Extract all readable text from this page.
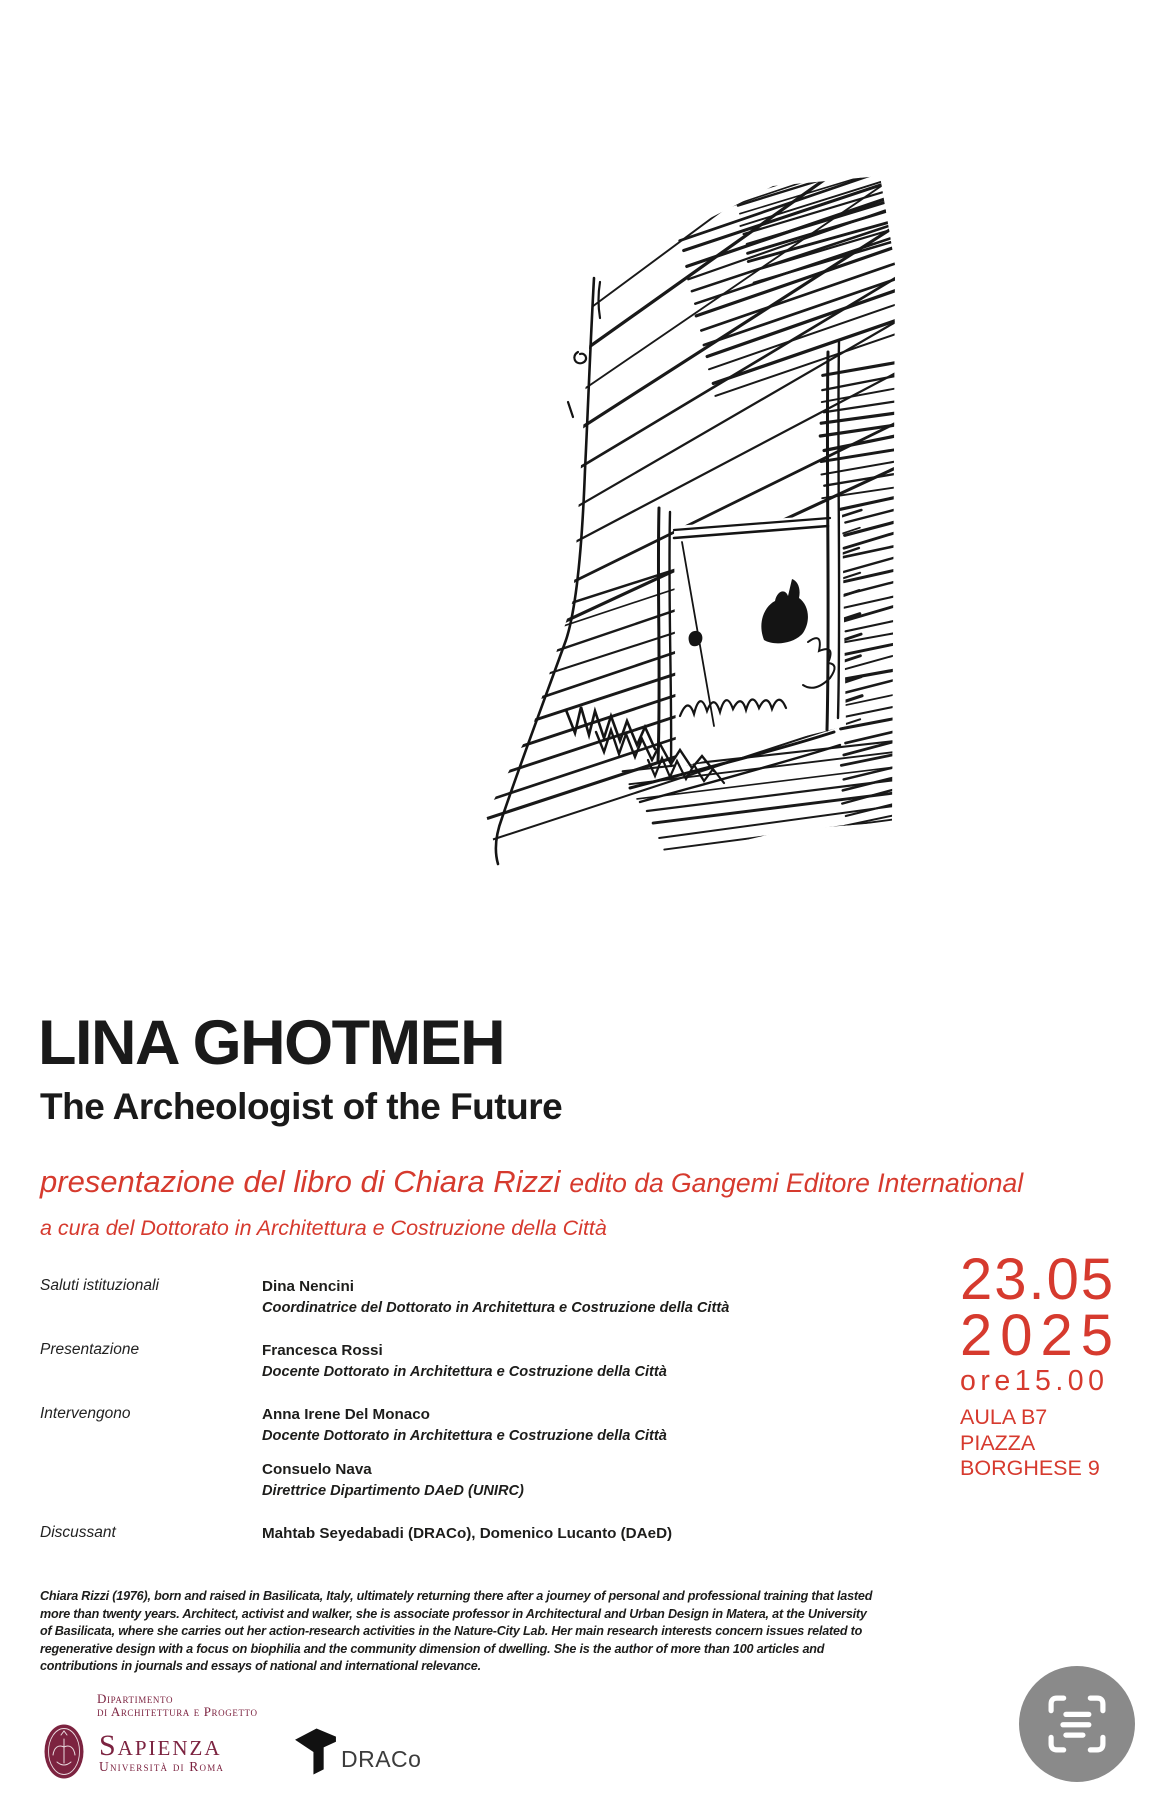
LINA GHOTMEH
The Archeologist of the Future
presentazione del libro di Chiara Rizzi edito da Gangemi Editore International
a cura del Dottorato in Architettura e Costruzione della Città
Saluti istituzionali	Dina Nencini
Coordinatrice del Dottorato in Architettura e Costruzione della Città
Presentazione	Francesca Rossi
Docente Dottorato in Architettura e Costruzione della Città
Intervengono	Anna Irene Del Monaco
Docente Dottorato in Architettura e Costruzione della Città
Consuelo Nava
Direttrice Dipartimento DAeD (UNIRC)
Discussant	Mahtab Seyedabadi (DRACo), Domenico Lucanto (DAeD)
23.05
2025
ore15.00
AULA B7
PIAZZA
BORGHESE 9
Chiara Rizzi (1976), born and raised in Basilicata, Italy, ultimately returning there after a journey of personal and professional training that lasted more than twenty years. Architect, activist and walker, she is associate professor in Architectural and Urban Design in Matera, at the University of Basilicata, where she carries out her action-research activities in the Nature-City Lab. Her main research interests concern issues related to regenerative design with a focus on biophilia and the community dimension of dwelling. She is the author of more than 100 articles and contributions in journals and essays of national and international relevance.
Dipartimento
di Architettura e Progetto
Sapienza
Università di Roma	DRACo
